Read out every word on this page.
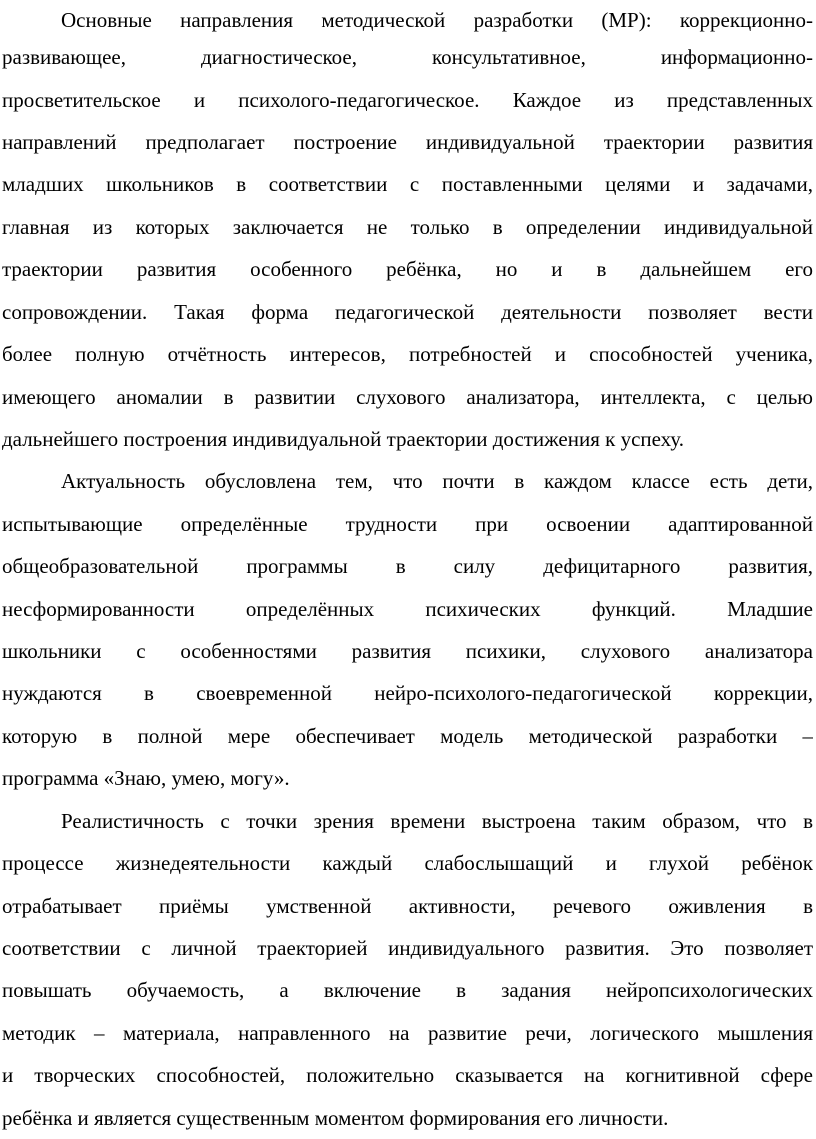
Основные направления методической разработки (МР): коррекционно-
развивающее, диагностическое, консультативное, информационно-
просветительское и психолого-педагогическое. Каждое из представленных
направлений предполагает построение индивидуальной траектории развития
младших школьников в соответствии с поставленными целями и задачами,
главная из которых заключается не только в определении индивидуальной
траектории развития особенного ребёнка, но и в дальнейшем его
сопровождении. Такая форма педагогической деятельности позволяет вести
более полную отчётность интересов, потребностей и способностей ученика,
имеющего аномалии в развитии слухового анализатора, интеллекта, с целью
дальнейшего построения индивидуальной траектории достижения к успеху.
Актуальность обусловлена тем, что почти в каждом классе есть дети,
испытывающие определённые трудности при освоении адаптированной
общеобразовательной программы в силу дефицитарного развития,
несформированности определённых психических функций. Младшие
школьники с особенностями развития психики, слухового анализатора
нуждаются в своевременной нейро-психолого-педагогической коррекции,
которую в полной мере обеспечивает модель методической разработки –
программа «Знаю, умею, могу».
Реалистичность с точки зрения времени выстроена таким образом, что в
процессе жизнедеятельности каждый слабослышащий и глухой ребёнок
отрабатывает приёмы умственной активности, речевого оживления в
соответствии с личной траекторией индивидуального развития. Это позволяет
повышать обучаемость, а включение в задания нейропсихологических
методик – материала, направленного на развитие речи, логического мышления
и творческих способностей, положительно сказывается на когнитивной сфере
ребёнка и является существенным моментом формирования его личности.
